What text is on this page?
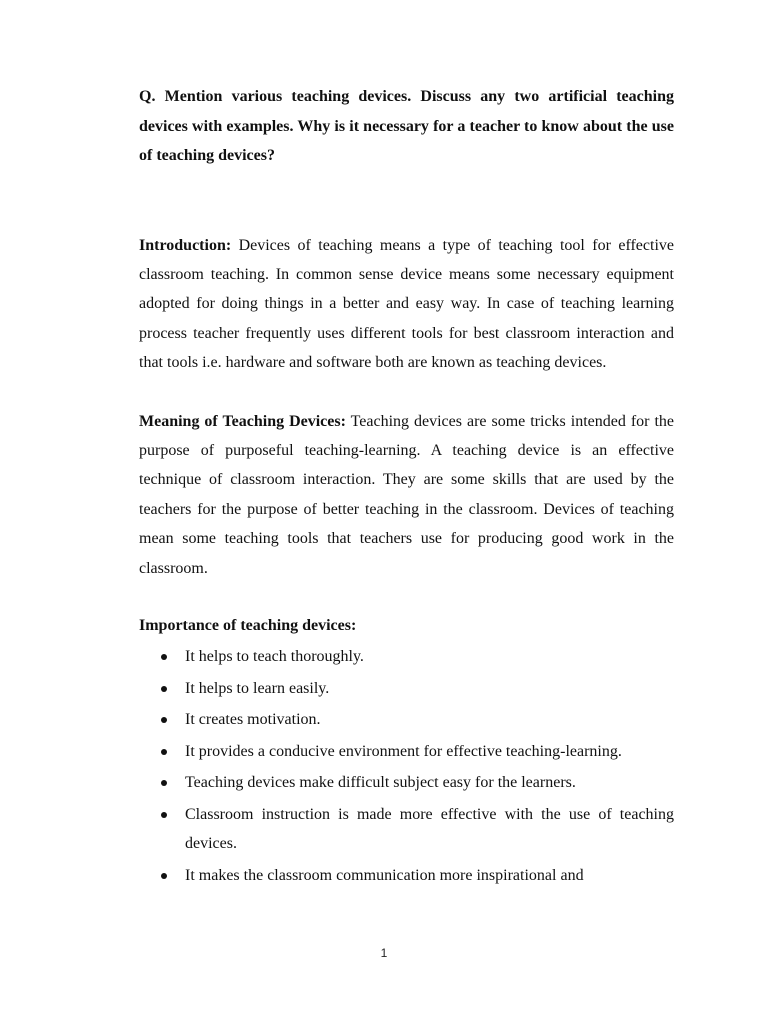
Q. Mention various teaching devices. Discuss any two artificial teaching devices with examples. Why is it necessary for a teacher to know about the use of teaching devices?

Introduction: Devices of teaching means a type of teaching tool for effective classroom teaching. In common sense device means some necessary equipment adopted for doing things in a better and easy way. In case of teaching learning process teacher frequently uses different tools for best classroom interaction and that tools i.e. hardware and software both are known as teaching devices.

Meaning of Teaching Devices: Teaching devices are some tricks intended for the purpose of purposeful teaching-learning. A teaching device is an effective technique of classroom interaction. They are some skills that are used by the teachers for the purpose of better teaching in the classroom. Devices of teaching mean some teaching tools that teachers use for producing good work in the classroom.

Importance of teaching devices:

It helps to teach thoroughly.
It helps to learn easily.
It creates motivation.
It provides a conducive environment for effective teaching-learning.
Teaching devices make difficult subject easy for the learners.
Classroom instruction is made more effective with the use of teaching devices.
It makes the classroom communication more inspirational and
1
